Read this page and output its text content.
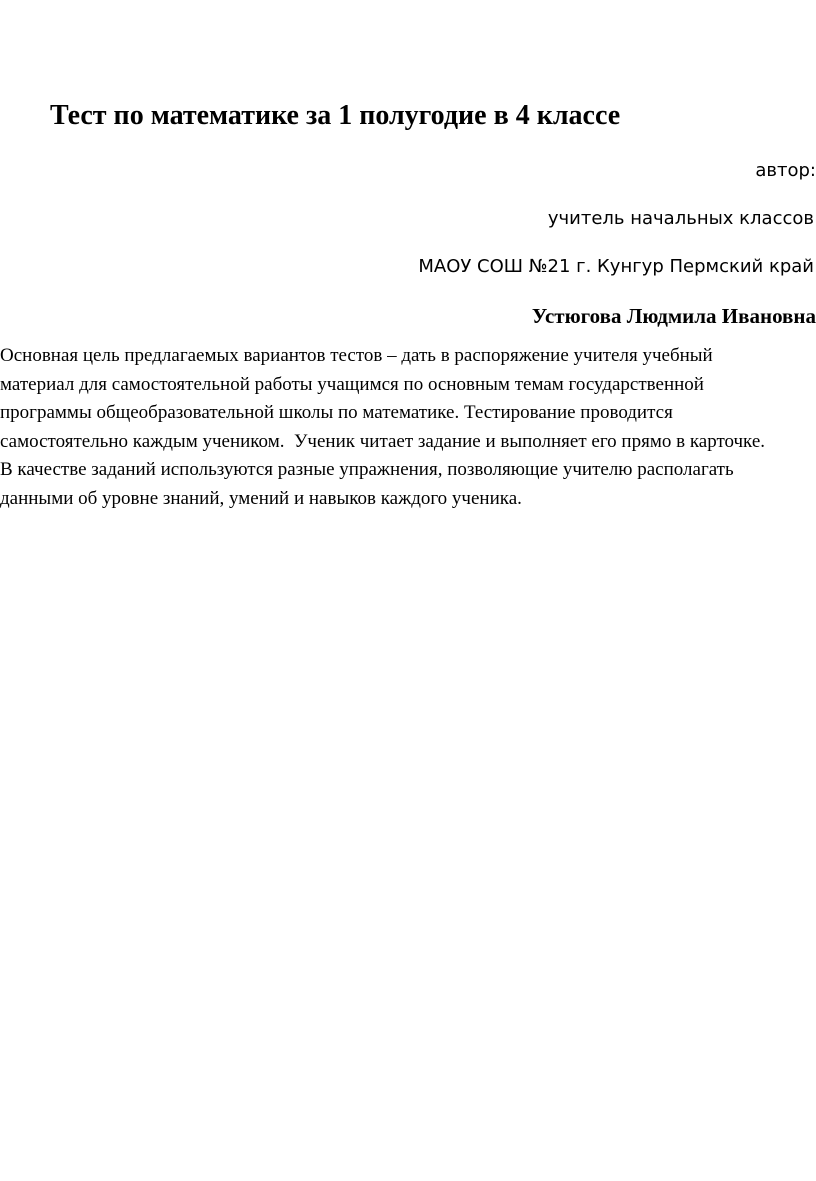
Тест по математике за 1 полугодие в 4 классе

автор:

учитель начальных классов

МАОУ СОШ №21 г. Кунгур Пермский край

Устюгова Людмила Ивановна

Основная цель предлагаемых вариантов тестов – дать в распоряжение учителя учебный
материал для самостоятельной работы учащимся по основным темам государственной
программы общеобразовательной школы по математике. Тестирование проводится
самостоятельно каждым учеником.  Ученик читает задание и выполняет его прямо в карточке.
В качестве заданий используются разные упражнения, позволяющие учителю располагать
данными об уровне знаний, умений и навыков каждого ученика.
